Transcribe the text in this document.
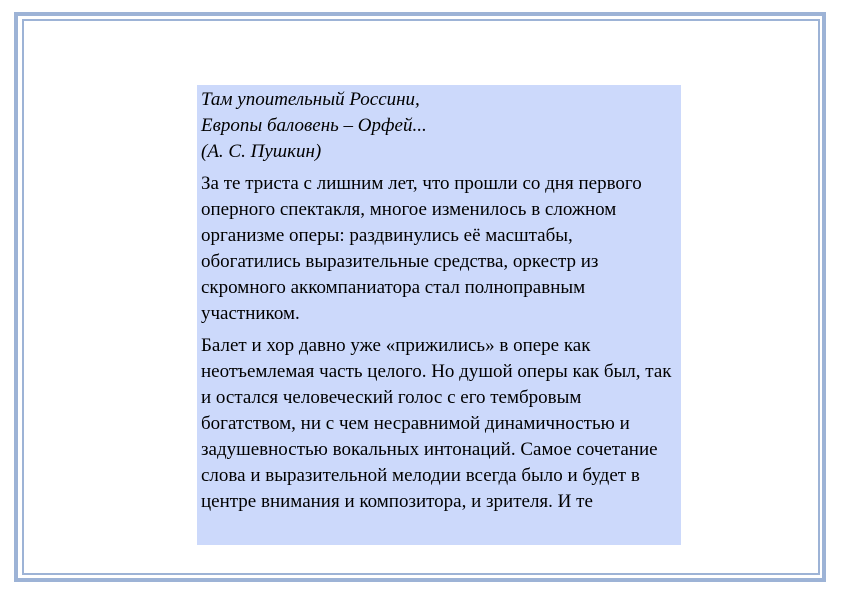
Там упоительный Россини,
Европы баловень – Орфей...
(А. С. Пушкин)

За те триста с лишним лет, что прошли со дня первого оперного спектакля, многое изменилось в сложном организме оперы: раздвинулись её масштабы, обогатились выразительные средства, оркестр из скромного аккомпаниатора стал полноправным участником.

Балет и хор давно уже «прижились» в опере как неотъемлемая часть целого. Но душой оперы как был, так и остался человеческий голос с его тембровым богатством, ни с чем несравнимой динамичностью и задушевностью вокальных интонаций. Самое сочетание слова и выразительной мелодии всегда было и будет в центре внимания и композитора, и зрителя. И те
